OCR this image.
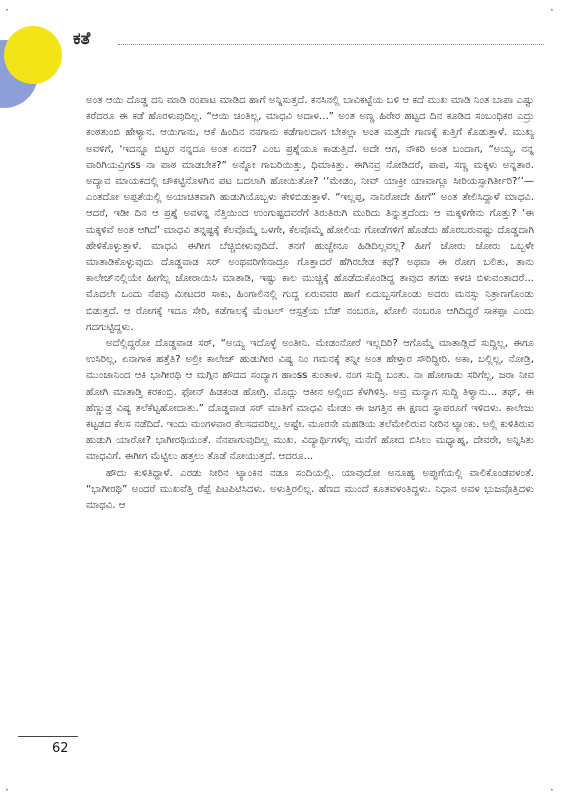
ಕತೆ
·	·
·	·

ಅಂತ ಆಯಿ ದೊಡ್ಡ ದನಿ ಮಾಡಿ ರಂಪಾಟ ಮಾಡಿದ ಹಾಗೆ ಅನ್ನಿಸುತ್ತದೆ. ಕನಸಿನಲ್ಲಿ ಬಾವಿಕಟ್ಟೆಯ ಬಳಿ ಆ ಕದೆ ಮುಖ ಮಾಡಿ ನಿಂತ ಬಾಪಾ ಎಷ್ಟು ಕರೆದರೂ ಈ ಕಡೆ ಹೊರಳುವುದಿಲ್ಲ. “ಆಯಿ ಚಿಂತಿಲ್ಲ, ಮಾಧವಿ ಅದಾಳ...” ಅಂತ ಅಣ್ಣ ಹಿರೇರ ಹಟ್ಟದ ದಿನ ಕೂಡಿದ ಸಂಬಂಧಿಕರ ಎದ್ರು ಕಂಠತುಂಬಿ ಹೇಳ್ಯಾನ. ಆಯಿಗಾನು, ಆಕೆ ಹಿಂದಿನ ನನಗಾನು ಕಡೆಗಾಲದಾಗ ಬೇಕಲ್ಲಾ ಅಂತ ಮತ್ತದೇ ಗಾಣಕ್ಕೆ ಕುತ್ತಿಗೆ ಕೊಡುತ್ತಾಳೆ. ಮುಖ್ಯ ಅವಳಿಗೆ, ‘ಇದನ್ನೂ ಬಿಟ್ಟರ ನನ್ನದೂ ಅಂತ ಏನದ? ಎಂಬ ಪ್ರಶ್ನೆಯೂ ಕಾಡುತ್ತಿದೆ. ಅದೇ ಆಗ, ನೌಕರಿ ಅಂತ ಬಂದಾಗ, “ಅಯ್ಯ, ನನ್ನ ವಾರಿಗಿಯವ್ರಿಗss ನಾ ಪಾಠ ಮಾಡಬೇಕ?” ಅನ್ನೋ ಗಾಬರಿಯಿತ್ತು, ಧಿಮಾಕಿತ್ತು. ಈಗಿನವ್ರ ನೋಡಿದರೆ, ಪಾಪ, ಸಣ್ಣ ಮಕ್ಕಳು ಅನ್ನತಾರ. ಅದ್ಯಾವ ಮಾಯಕದಲ್ಲಿ ಚೌಕಟ್ಟಿನೊಳಗಿನ ಪಟ ಬದಲಾಗಿ ಹೋಯಿತೋ? ‘‘ಮೇಡಂ, ನೀವ್ ಯಾಕ್ರೀ ಯಾವಾಗ್ಲೂ ಸೀರಿಯಸ್ಸಾಗಿರ್ತೀರಿ?’’— ಎಂತದೋ ಅಪ್ಪತೆಯಲ್ಲಿ ಅಯಾಚಿತವಾಗಿ ಹುಡುಗಿಯೊಬ್ಬಳು ಕೇಳಿಬಿಡುತ್ತಾಳೆ. “ಇಲ್ಲಪ್ಪ, ನಾನಿರೋದೇ ಹೀಗೆ” ಅಂತ ತೇಲಿಸಿದ್ದಾಳೆ ಮಾಧವಿ. ಆದರೆ, ಇಡೀ ದಿನ ಆ ಪ್ರಶ್ನೆ ಅವಳನ್ನ ನೆತ್ತಿಯಿಂದ ಉಂಗುಷ್ಟದವರೆಗೆ ತಿರುತಿರುಗಿ ಮುರಿದು ತಿನ್ನುತ್ತದೆಂದು ಆ ಮಕ್ಕಳಿಗೇನು ಗೊತ್ತು? ‘ಈ ಮಕ್ಕಳಿವೆ ಅಂತ ಆಗಿದೆ’ ಮಾಧವಿ ತನ್ನಷ್ಟಕ್ಕೆ ಕೆಲವೊಮ್ಮೆ ಒಳಗೇ, ಕೆಲವೊಮ್ಮೆ ಹೋಲಿಯ ಗೋಡೆಗಳಿಗೆ ಹೊಡೆದು ಹೊರಬರುವಷ್ಟು ದೊಡ್ಡದಾಗಿ ಹೇಳಿಕೊಳ್ಳುತ್ತಾಳೆ. ಮಾಧವಿ ಈಗೀಗ ಬೆಚ್ಚಿಬೀಳುವುದಿದೆ. ತನಗೆ ಹುಚ್ಚೇನೂ ಹಿಡಿದಿಲ್ಲವಲ್ಲ? ಹೀಗೆ ಜೋರು ಜೋರು ಒಬ್ಬಳೇ ಮಾತಾಡಿಕೊಳ್ಳುವುದು ದೊಡ್ಡವಾಡ ಸರ್ ಅಂಥವರಿಗೇನಾದ್ರೂ ಗೊತ್ತಾದರೆ ಹೆಗಿರಬೇಡ ಕಥೆ? ಅಥವಾ ಈ ರೋಗ ಬಲಿತು, ತಾನು ಕಾಲೇಜ್‌ನಲ್ಲಿಯೇ ಹೀಗೆಲ್ಲ ಜೋರಾಯಿಸಿ ಮಾತಾಡಿ, ಇಷ್ಟು ಕಾಲ ಮುಚ್ಚಿಕ್ಕೆ ಹೊಡೆದುಕೊಂಡಿದ್ದ ತಾವುದ ತಗಡು ಕಳಚಿ ಬಿಳುವಂತಾದರೆ... ಮೊದಲೇ ಒಂದು ನೆಪವು ಮೀಟದರ ಸಾಕು, ಹಿಂಗಾಲಿನಲ್ಲಿ ಗುದ್ದ ಏರುವವರ ಹಾಗೆ ಏದುಬ್ಬಸಗೊಂಡು ಅದರು ಮನಸ್ಸು ನಿತ್ರಾಣಗೊಂಡು ಬಿಡುತ್ತದೆ. ಆ ರೋಗಕ್ಕೆ ಇದೂ ಸೇರಿ, ಕಡೆಗಾಲಕ್ಕೆ ಮೆಂಟಲ್ ಆಸ್ಪತ್ರೆಯ ಬೆಡ್ ನಂಬರೂ, ಖೋಲಿ ನಂಬರೂ ಆಗಿದಿದ್ದರೆ ಸಾಕಪ್ಪಾ ಎಂದು ಗದಗುಟ್ಟಿದ್ದಳು.

ಅದೆಲ್ಲಿದ್ದರೋ ದೊಡ್ಡವಾಡ ಸರ್, “ಅಯ್ಯ ಇದೊಳ್ಳೆ ಅಂತೀನಿ. ಮೇಡಂನೋರೆ ಇಲ್ಲದಿರಿ? ಆಗೊಮ್ಮೆ ಮಾತಾಡ್ಲಿದೆ ಸುದ್ದಿಲ್ಲ, ಈಗೂ ಉಸಿರಿಲ್ಲ, ಏನಾಗಾಕ ಹತ್ತೆತಿ? ಅಲ್ರೀ ಕಾಲೇಜ್ ಹುಡುಗೀರ ವಿಷ್ಯ ನಿಂ ಗಮನಕ್ಕೆ ತನ್ನೀ ಅಂತ ಹೇಳ್ತಾರ ಸೌರಿದ್ದೀರಿ. ಅಕಾ, ಬಲ್ಲಿಲ್ಲ, ನೋಡ್ರಿ, ಮುಂಜಾನಿಂದ ಆಕಿ ಭಾಗೀರಥಿ ಆ ಮಗ್ಗಿನ ಹೌದದ ಸಂದ್ಯಾಗ ಹಾಂss ಕುಂತಾಳ. ನಂಗ ಸುದ್ದಿ ಬಂತು. ನಾ ಹೋಗಾಡು ಸರಿಗೆಲ್ಲ, ಜರಾ ನೀವ ಹೋಗಿ ಮಾತಾಡ್ತಿ ಕರಕಂಬ್ರಿ. ಫೋನ್ ಹಿಡಕಂಡ ಹೋಗ್ರಿ. ಮೊದ್ಲು ಆಕೀನ ಅಲ್ಲಿಂದ ಕೆಳಗಿಳಿಸ್ರಿ. ಅವ್ರ ಮನ್ಯಾಗ ಸುದ್ದಿ ತಿಳ್ಯಾನು... ತಥ್, ಈ ಹೆಣ್ಣುಡ್ರ ವಿಷ್ಯ ತಲೆಕೆಟ್ಟಹೋದಾತು.” ದೊಡ್ಡವಾಡ ಸರ್ ಮಾತಿಗೆ ಮಾಧವಿ ಮೇಡಂ ಈ ಜಗತ್ತಿನ ಈ ಕ್ಷಣದ ಸ್ಥಾಪರೂಗೆ ಇಳಿದಳು. ಕಾಲೇಜು ಕಟ್ಟಡದ ಕೆಲಸ ನಡೆದಿದೆ. ಇಂದು ಮಂಗಳವಾರ ಕೆಲಸದವರಿಲ್ಲ. ಅಷ್ಟೇ. ಮೂರನೇ ಮಹಡಿಯ ತಲೆಮೇಲಿರುವ ನೀರಿನ ಟ್ಯಾಂಕು. ಅಲ್ಲಿ ಕುಳಿತಿರುವ ಹುಡುಗಿ ಯಾರೋ? ಭಾಗೀರಥಿಯಂತೆ. ನೆನಪಾಗುವುದಿಲ್ಲ ಮುಖ. ವಿದ್ಯಾರ್ಥಿಗಳೆಲ್ಲ ಮನೆಗೆ ಹೋದ ಬಿಸಿಲು ಮಧ್ಯಾಹ್ನ, ದೇವರೇ, ಅನ್ನಿಸಿತು ಮಾಧವಿಗೆ. ಈಗೀಗ ಮೆಟ್ಟಿಲು ಹತ್ತಲು ತೊಡೆ ನೋಯುತ್ತದೆ. ಆದರೂ...

ಹೌದು ಕುಳಿತಿದ್ದಾಳೆ. ಎರಡು ನೀರಿನ ಟ್ಯಾಂಕಿನ ನಡೂ ಸಂದಿಯಲ್ಲಿ. ಯಾವುದೋ ಅನೂಹ್ಯ ಅಪ್ಪುಗೆಯಲ್ಲಿ ವಾಲಿಕೊಂಡವಳಂತೆ. “ಭಾಗೀರಥಿ” ಅಂದರೆ ಮುಖವೆತ್ತಿ ರೆಪ್ಪೆ ಪಿಟಪಿಟಿಸಿದಳು. ಅಳುತ್ತಿರಲಿಲ್ಲ. ಹೆಣದ ಮುಂದೆ ಕೂತವಳಂತಿದ್ದಳು. ನಿಧಾನ ಅವಳ ಭುಜವೊತ್ತಿದಳು ಮಾಧವಿ. ಆ

62
